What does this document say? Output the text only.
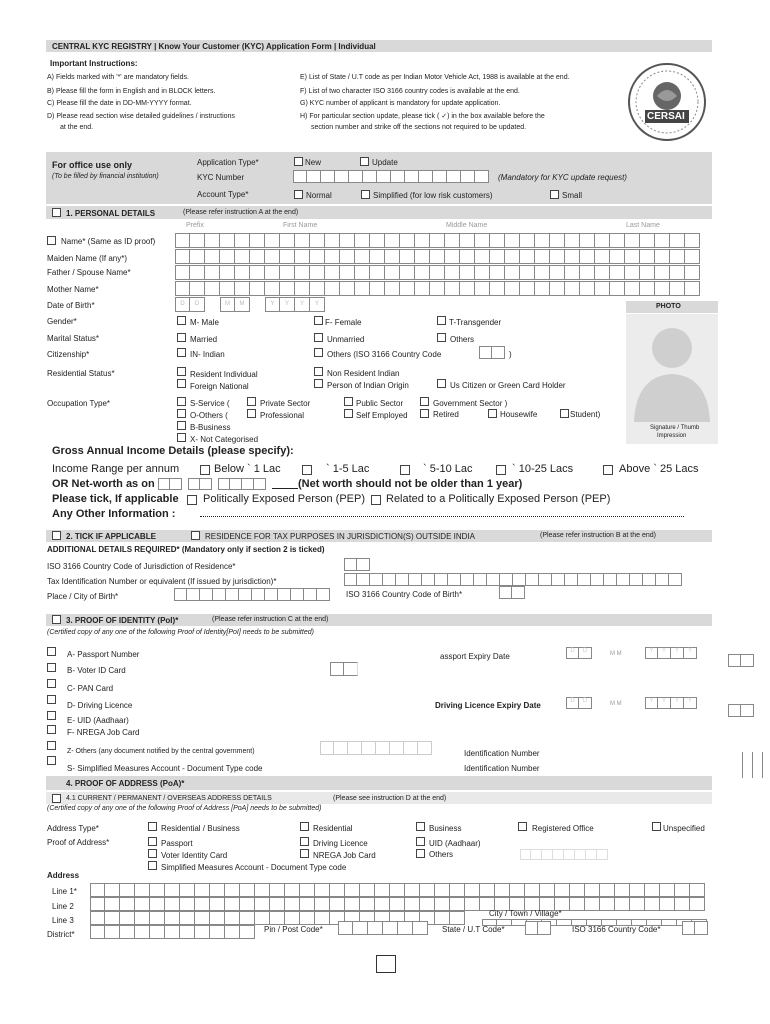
CENTRAL KYC REGISTRY | Know Your Customer (KYC) Application Form | Individual
Important Instructions:
A) Fields marked with '*' are mandatory fields.
B) Please fill the form in English and in BLOCK letters.
C) Please fill the date in DD-MM-YYYY format.
D) Please read section wise detailed guidelines / instructions
at the end.
E) List of State / U.T code as per Indian Motor Vehicle Act, 1988 is available at the end.
F) List of two character ISO 3166 country codes is available at the end.
G) KYC number of applicant is mandatory for update application.
H) For particular section update, please tick ( ✓) in the box available before the
section number and strike off the sections not required to be updated.
CERSAI
For office use only
(To be filled by financial institution)
Application Type*	New	Update
KYC Number	(Mandatory for KYC update request)
Account Type*	Normal	Simplified (for low risk customers)	Small
1. PERSONAL DETAILS	(Please refer instruction A at the end)
Prefix	First Name	Middle Name	Last Name
Name* (Same as ID proof)
Maiden Name (If any*)
Father / Spouse Name*
Mother Name*
Date of Birth*	D	D	M	M	Y	Y	Y	Y	PHOTO
Signature / Thumb
Impression
Gender*	M- Male	F- Female	T-Transgender
Marital Status*	Married	Unmarried	Others
Citizenship*	IN- Indian	Others (ISO 3166 Country Code	)
Residential Status*	Resident Individual	Non Resident Indian
Foreign National	Person of Indian Origin	Us Citizen or Green Card Holder
Occupation Type*	S-Service (	Private Sector	Public Sector	Government Sector )
O-Others (	Professional	Self Employed	Retired	Housewife	Student)
B-Business
X- Not Categorised
Gross Annual Income Details (please specify):
Income Range per annum	Below ` 1 Lac	` 1-5 Lac	` 5-10 Lac	` 10-25 Lacs	Above ` 25 Lacs
OR Net-worth as on	(Net worth should not be older than 1 year)
Please tick, If applicable Politically Exposed Person (PEP) Related to a Politically Exposed Person (PEP)
Any Other Information :
2. TICK IF APPLICABLE	RESIDENCE FOR TAX PURPOSES IN JURISDICTION(S) OUTSIDE INDIA	(Please refer instruction B at the end)
ADDITIONAL DETAILS REQUIRED* (Mandatory only if section 2 is ticked)
ISO 3166 Country Code of Jurisdiction of Residence*
Tax Identification Number or equivalent (If issued by jurisdiction)*
Place / City of Birth*	ISO 3166 Country Code of Birth*
3. PROOF OF IDENTITY (PoI)*	(Please refer instruction C at the end)
(Certified copy of any one of the following Proof of Identity[PoI] needs to be submitted)
A- Passport Number	assport Expiry Date
D	D	M M	Y	Y	Y	Y
B- Voter ID Card
C- PAN Card
D- Driving Licence	Driving Licence Expiry Date	D	D	M M	Y	Y	Y	Y
E- UID (Aadhaar)
F- NREGA Job Card
Z- Others (any document notified by the central government)	Identification Number
S- Simplified Measures Account - Document Type code	Identification Number
4. PROOF OF ADDRESS (PoA)*
4.1 CURRENT / PERMANENT / OVERSEAS ADDRESS DETAILS	(Please see instruction D at the end)
(Certified copy of any one of the following Proof of Address [PoA] needs to be submitted)
Address Type*	Residential / Business	Residential	Business	Registered Office	Unspecified
Proof of Address*	Passport	Driving Licence	UID (Aadhaar)
Voter Identity Card	NREGA Job Card	Others
Simplified Measures Account - Document Type code
Address
Line 1*
Line 2
Line 3
District*
City / Town / Village*
Pin / Post Code*	State / U.T Code*	ISO 3166 Country Code*
